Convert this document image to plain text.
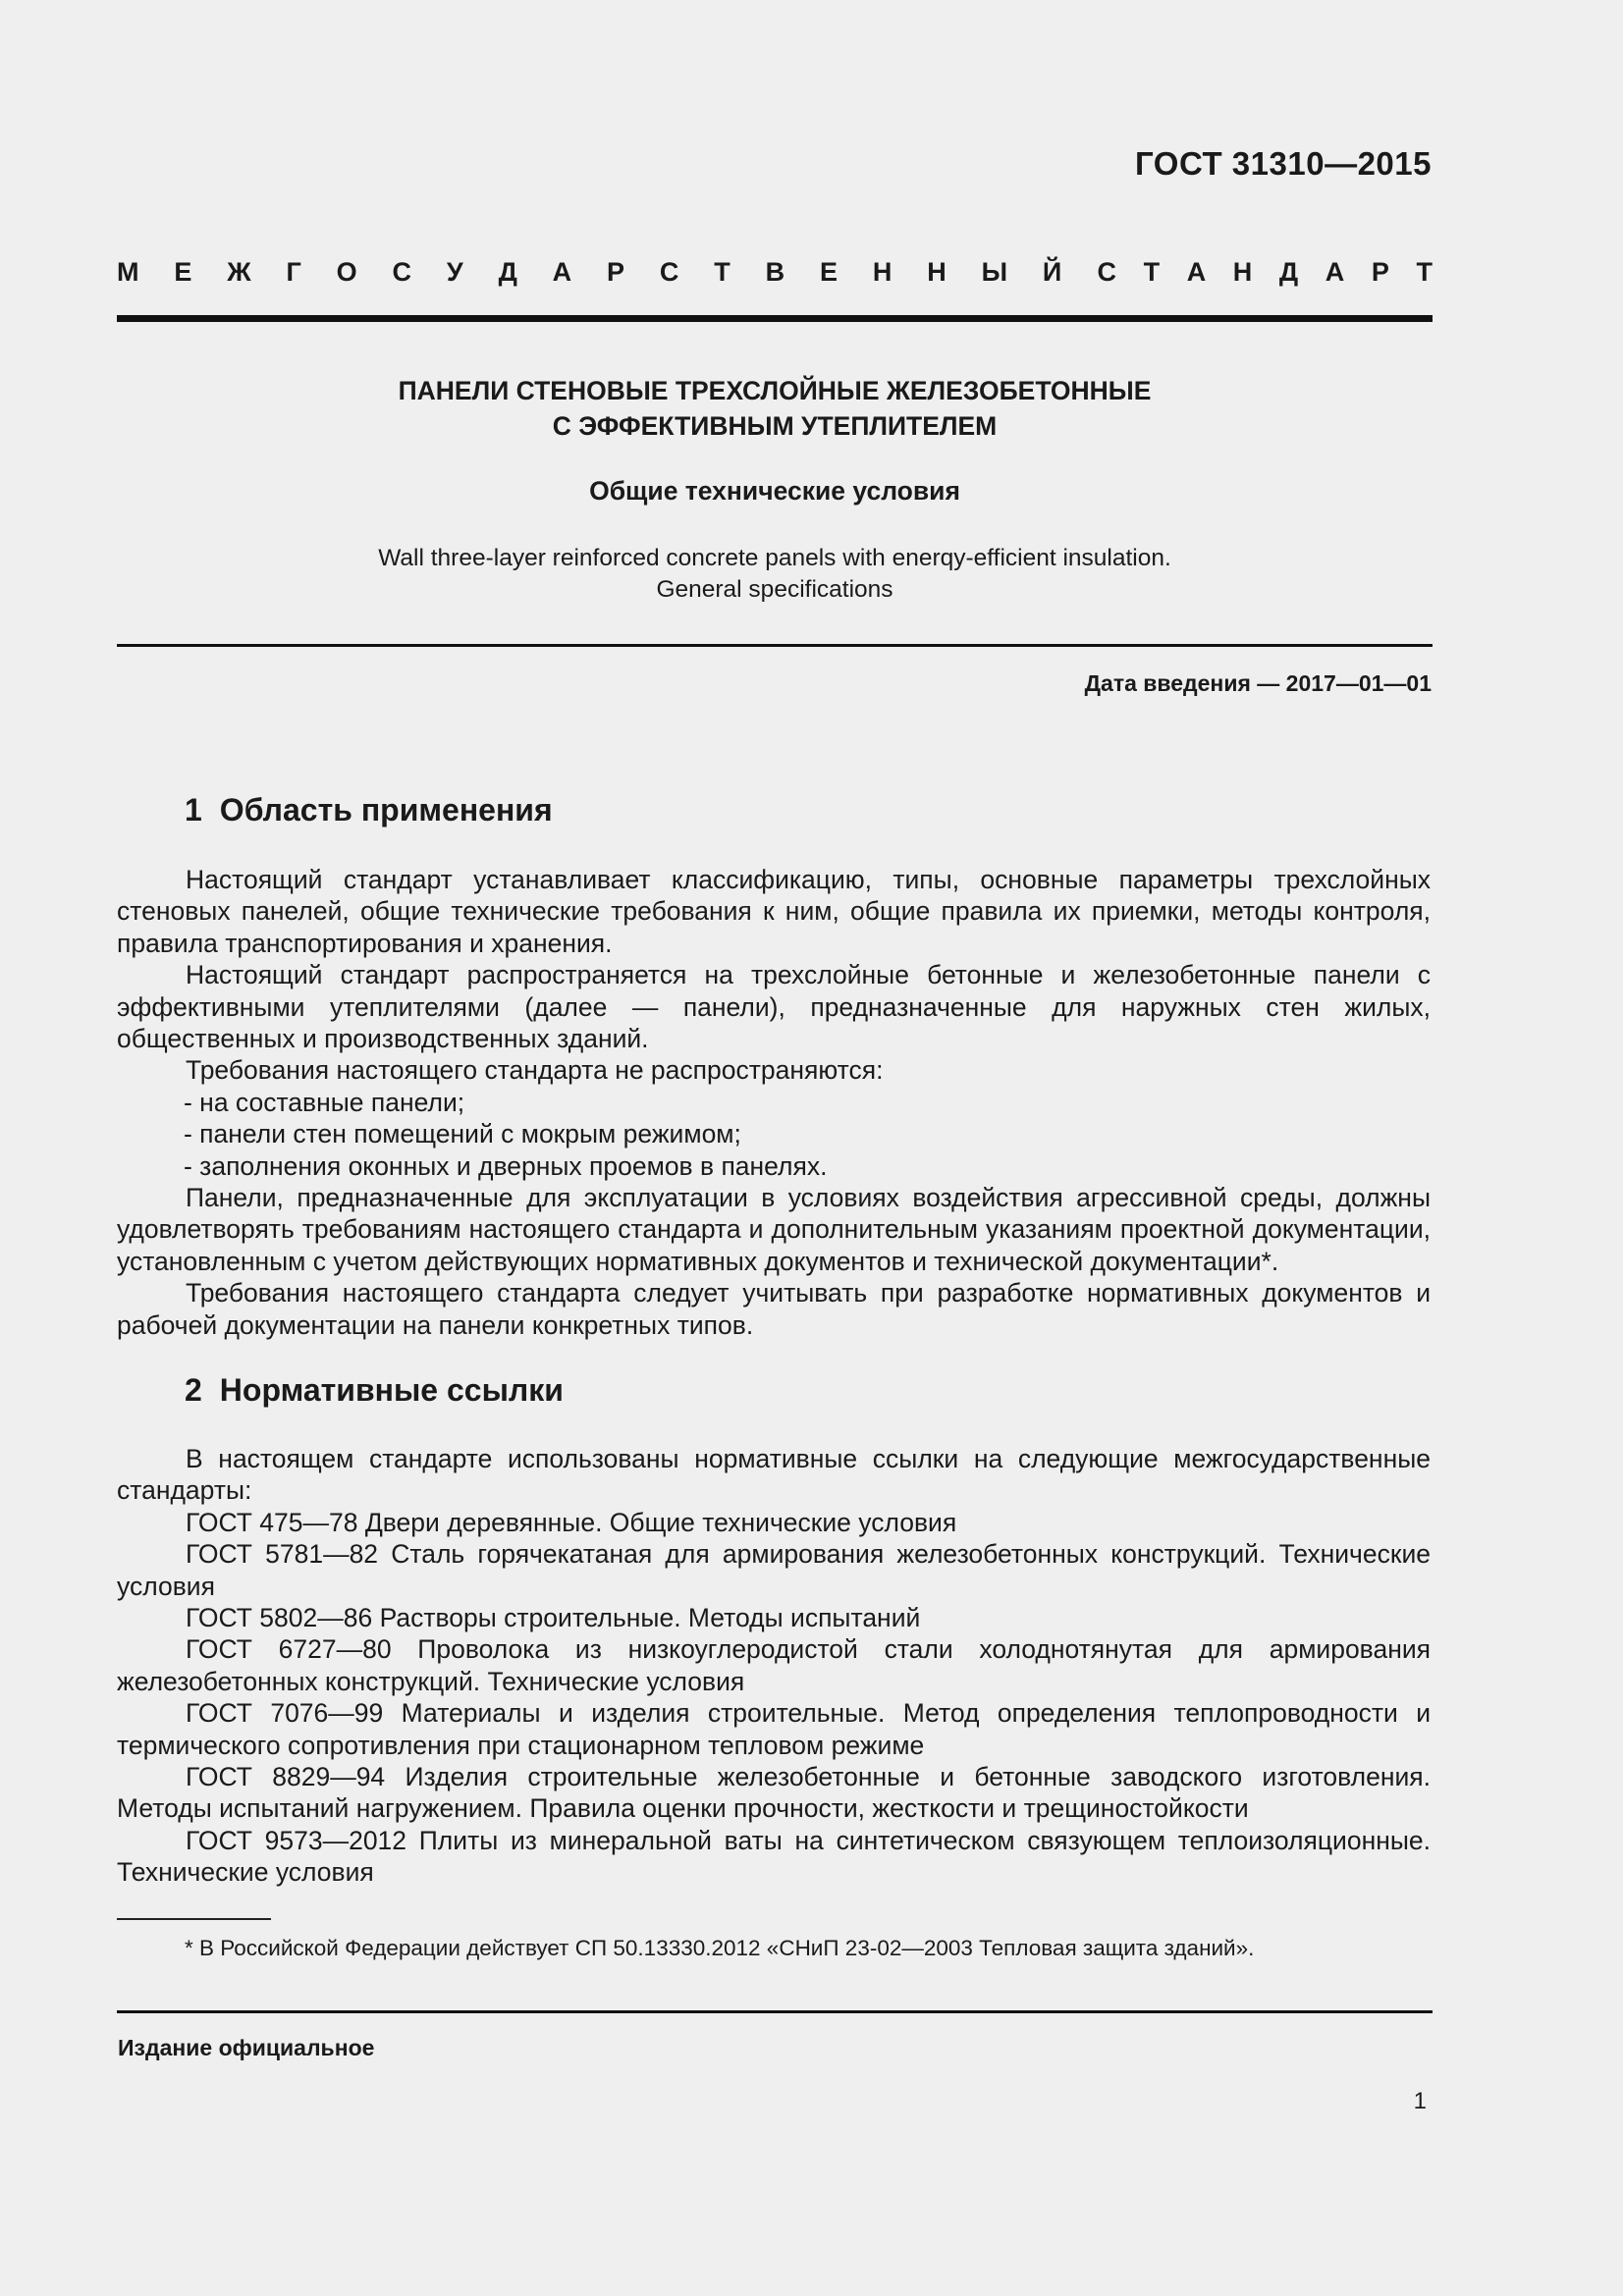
ГОСТ 31310—2015
М Е Ж Г О С У Д А Р С Т В Е Н Н Ы Й С Т А Н Д А Р Т
ПАНЕЛИ СТЕНОВЫЕ ТРЕХСЛОЙНЫЕ ЖЕЛЕЗОБЕТОННЫЕ
С ЭФФЕКТИВНЫМ УТЕПЛИТЕЛЕМ
Общие технические условия
Wall three-layer reinforced concrete panels with enerqy-efficient insulation.
General specifications
Дата введения — 2017—01—01
1 Область применения

Настоящий стандарт устанавливает классификацию, типы, основные параметры трехслойных стеновых панелей, общие технические требования к ним, общие правила их приемки, методы контроля, правила транспортирования и хранения.

Настоящий стандарт распространяется на трехслойные бетонные и железобетонные панели с эффективными утеплителями (далее — панели), предназначенные для наружных стен жилых, общественных и производственных зданий.

Требования настоящего стандарта не распространяются:

- на составные панели;

- панели стен помещений с мокрым режимом;

- заполнения оконных и дверных проемов в панелях.

Панели, предназначенные для эксплуатации в условиях воздействия агрессивной среды, должны удовлетворять требованиям настоящего стандарта и дополнительным указаниям проектной документации, установленным с учетом действующих нормативных документов и технической документации*.

Требования настоящего стандарта следует учитывать при разработке нормативных документов и рабочей документации на панели конкретных типов.

2 Нормативные ссылки

В настоящем стандарте использованы нормативные ссылки на следующие межгосударственные стандарты:

ГОСТ 475—78 Двери деревянные. Общие технические условия

ГОСТ 5781—82 Сталь горячекатаная для армирования железобетонных конструкций. Технические условия

ГОСТ 5802—86 Растворы строительные. Методы испытаний

ГОСТ 6727—80 Проволока из низкоуглеродистой стали холоднотянутая для армирования железобетонных конструкций. Технические условия

ГОСТ 7076—99 Материалы и изделия строительные. Метод определения теплопроводности и термического сопротивления при стационарном тепловом режиме

ГОСТ 8829—94 Изделия строительные железобетонные и бетонные заводского изготовления. Методы испытаний нагружением. Правила оценки прочности, жесткости и трещиностойкости

ГОСТ 9573—2012 Плиты из минеральной ваты на синтетическом связующем теплоизоляционные. Технические условия

* В Российской Федерации действует СП 50.13330.2012 «СНиП 23-02—2003 Тепловая защита зданий».
Издание официальное
1
